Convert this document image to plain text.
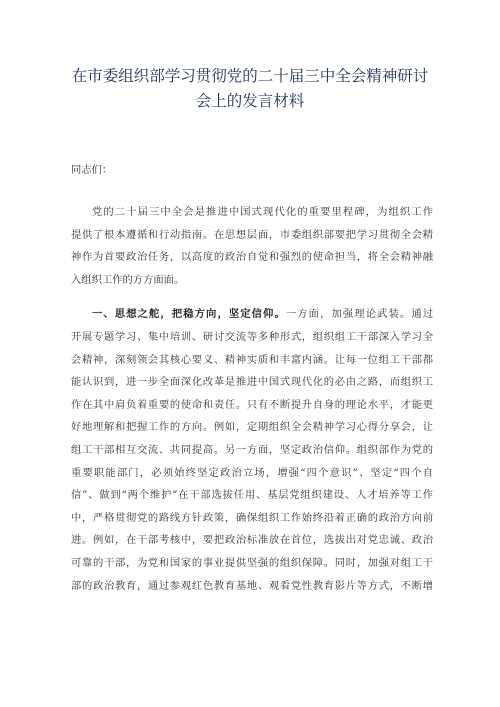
在市委组织部学习贯彻党的二十届三中全会精神研讨
会上的发言材料
同志们：
党的二十届三中全会是推进中国式现代化的重要里程碑，为组织工作
提供了根本遵循和行动指南。在思想层面，市委组织部要把学习贯彻全会精
神作为首要政治任务，以高度的政治自觉和强烈的使命担当，将全会精神融
入组织工作的方方面面。
一、思想之舵，把稳方向，坚定信仰。一方面，加强理论武装。通过
开展专题学习、集中培训、研讨交流等多种形式，组织组工干部深入学习全
会精神，深刻领会其核心要义、精神实质和丰富内涵。让每一位组工干部都
能认识到，进一步全面深化改革是推进中国式现代化的必由之路，而组织工
作在其中肩负着重要的使命和责任。只有不断提升自身的理论水平，才能更
好地理解和把握工作的方向。例如，定期组织全会精神学习心得分享会，让
组工干部相互交流、共同提高。另一方面，坚定政治信仰。组织部作为党的
重要职能部门，必须始终坚定政治立场，增强“四个意识”、坚定“四个自
信”、做到“两个维护”在干部选拔任用、基层党组织建设、人才培养等工作
中，严格贯彻党的路线方针政策，确保组织工作始终沿着正确的政治方向前
进。例如，在干部考核中，要把政治标准放在首位，选拔出对党忠诚、政治
可靠的干部，为党和国家的事业提供坚强的组织保障。同时，加强对组工干
部的政治教育，通过参观红色教育基地、观看党性教育影片等方式，不断增
